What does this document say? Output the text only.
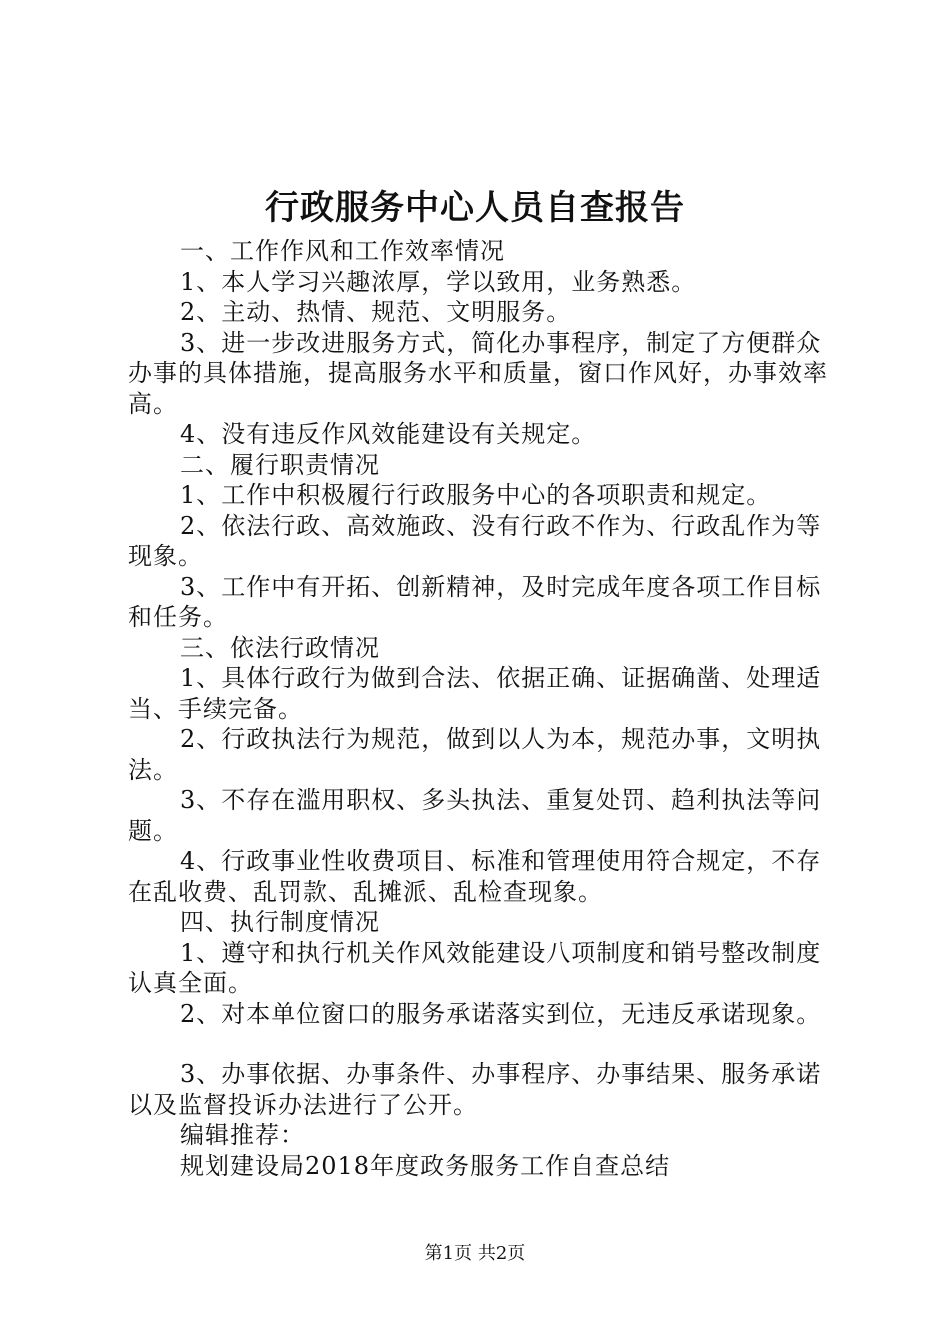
行政服务中心人员自查报告

一、工作作风和工作效率情况

1、本人学习兴趣浓厚，学以致用，业务熟悉。

2、主动、热情、规范、文明服务。

3、进一步改进服务方式，简化办事程序，制定了方便群众办事的具体措施，提高服务水平和质量，窗口作风好，办事效率高。

4、没有违反作风效能建设有关规定。

二、履行职责情况

1、工作中积极履行行政服务中心的各项职责和规定。

2、依法行政、高效施政、没有行政不作为、行政乱作为等现象。

3、工作中有开拓、创新精神，及时完成年度各项工作目标和任务。

三、依法行政情况

1、具体行政行为做到合法、依据正确、证据确凿、处理适当、手续完备。

2、行政执法行为规范，做到以人为本，规范办事，文明执法。

3、不存在滥用职权、多头执法、重复处罚、趋利执法等问题。

4、行政事业性收费项目、标准和管理使用符合规定，不存在乱收费、乱罚款、乱摊派、乱检查现象。

四、执行制度情况

1、遵守和执行机关作风效能建设八项制度和销号整改制度认真全面。

2、对本单位窗口的服务承诺落实到位，无违反承诺现象。

3、办事依据、办事条件、办事程序、办事结果、服务承诺以及监督投诉办法进行了公开。

编辑推荐：

规划建设局2018年度政务服务工作自查总结

第1页 共2页
